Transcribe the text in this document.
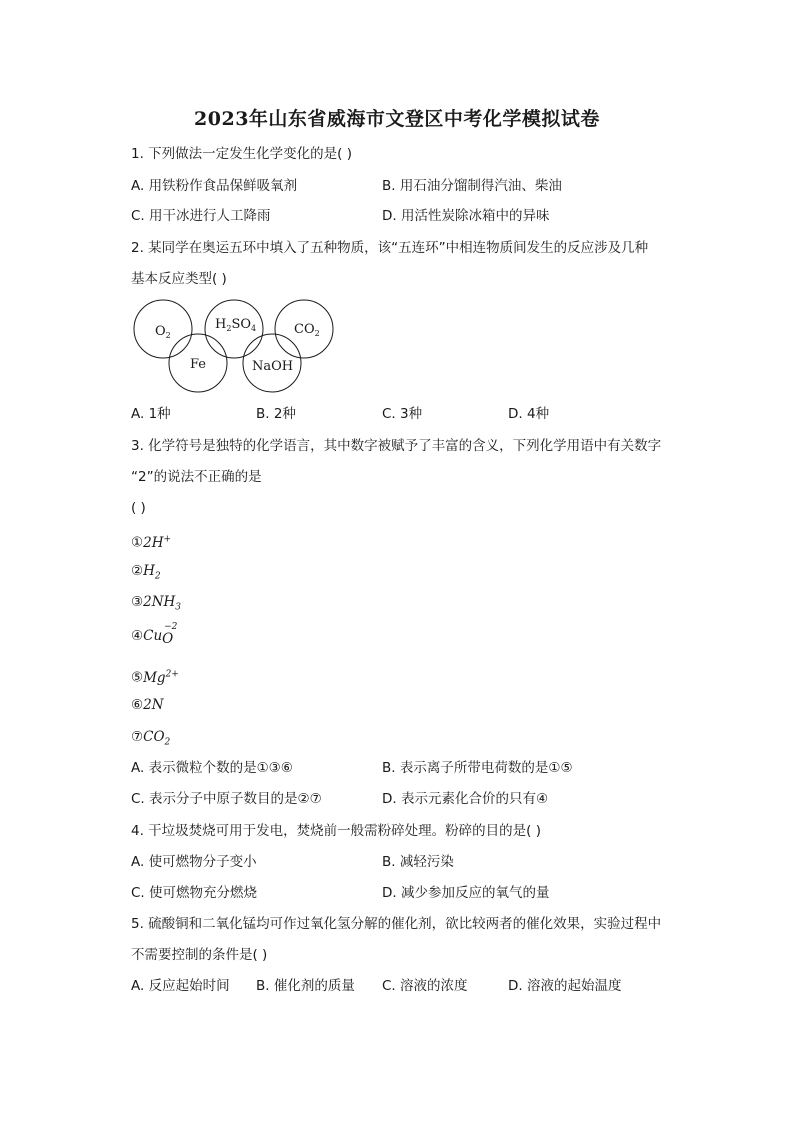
2023年山东省威海市文登区中考化学模拟试卷
1. 下列做法一定发生化学变化的是( )
A. 用铁粉作食品保鲜吸氧剂	B. 用石油分馏制得汽油、柴油
C. 用干冰进行人工降雨	D. 用活性炭除冰箱中的异味
2. 某同学在奥运五环中填入了五种物质，该“五连环”中相连物质间发生的反应涉及几种
基本反应类型( )
$O_2$
$H_2SO_4$	$CO_2$
Fe	NaOH
A. 1种	B. 2种	C. 3种	D. 4种
3. 化学符号是独特的化学语言，其中数字被赋予了丰富的含义，下列化学用语中有关数字
“2”的说法不正确的是
( )
①2H+
$②H_2$
$③2NH_3$
④Cu
−2
O
$⑤Mg^{2+}$
⑥2N
$⑦CO_2$
A. 表示微粒个数的是①③⑥	B. 表示离子所带电荷数的是①⑤
C. 表示分子中原子数目的是②⑦	D. 表示元素化合价的只有④
4. 干垃圾焚烧可用于发电，焚烧前一般需粉碎处理。粉碎的目的是( )
A. 使可燃物分子变小	B. 减轻污染
C. 使可燃物充分燃烧	D. 减少参加反应的氧气的量
5. 硫酸铜和二氧化锰均可作过氧化氢分解的催化剂，欲比较两者的催化效果，实验过程中
不需要控制的条件是( )
A. 反应起始时间 B. 催化剂的质量 C. 溶液的浓度	D. 溶液的起始温度
